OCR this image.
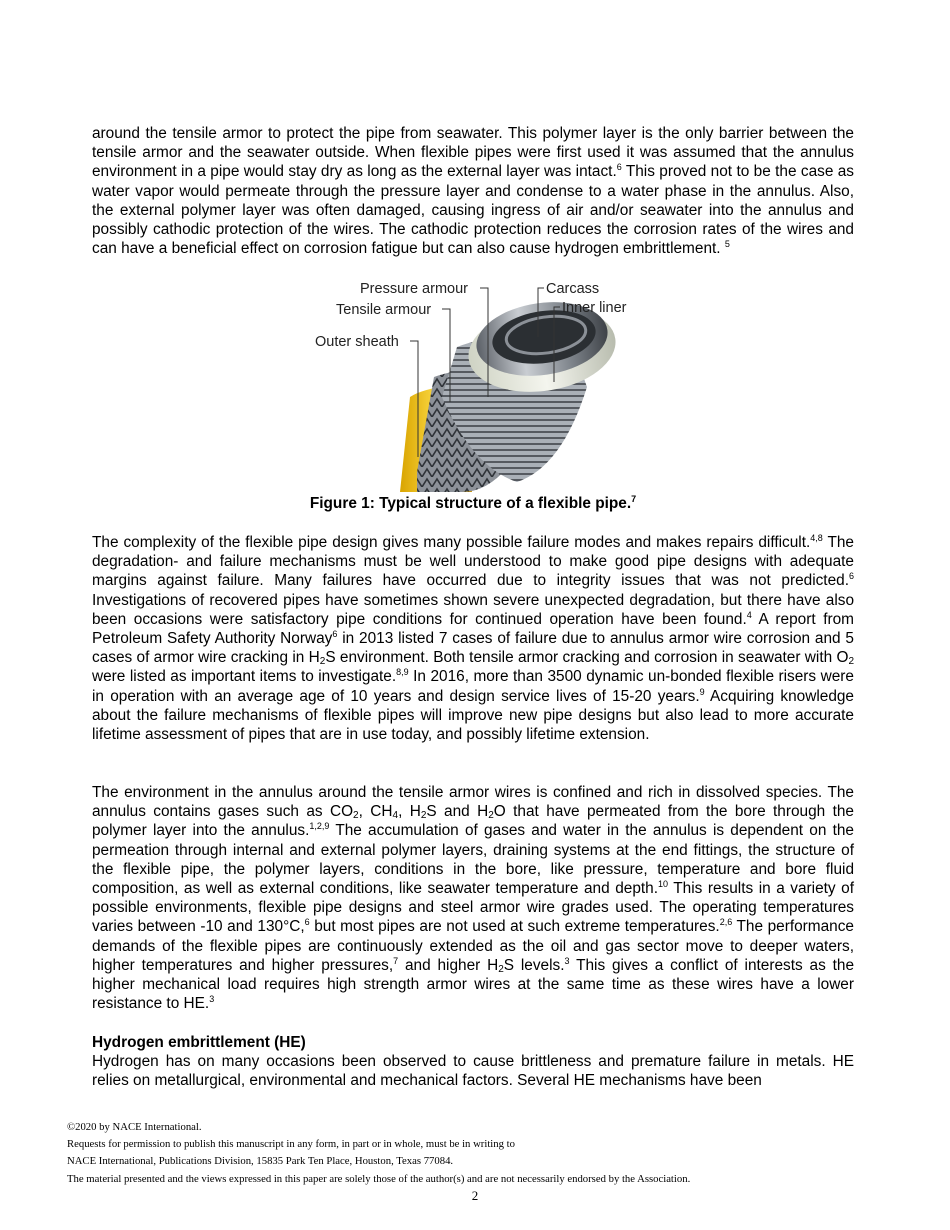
around the tensile armor to protect the pipe from seawater. This polymer layer is the only barrier between the tensile armor and the seawater outside. When flexible pipes were first used it was assumed that the annulus environment in a pipe would stay dry as long as the external layer was intact.$^6$ This proved not to be the case as water vapor would permeate through the pressure layer and condense to a water phase in the annulus. Also, the external polymer layer was often damaged, causing ingress of air and/or seawater into the annulus and possibly cathodic protection of the wires. The cathodic protection reduces the corrosion rates of the wires and can have a beneficial effect on corrosion fatigue but can also cause hydrogen embrittlement. $^5$

Pressure armour
Tensile armour
Outer sheath
Carcass
Inner liner

Figure 1: Typical structure of a flexible pipe.$^7$

The complexity of the flexible pipe design gives many possible failure modes and makes repairs difficult.$^{4,8}$ The degradation- and failure mechanisms must be well understood to make good pipe designs with adequate margins against failure. Many failures have occurred due to integrity issues that was not predicted.$^6$ Investigations of recovered pipes have sometimes shown severe unexpected degradation, but there have also been occasions were satisfactory pipe conditions for continued operation have been found.$^4$ A report from Petroleum Safety Authority Norway$^6$ in 2013 listed 7 cases of failure due to annulus armor wire corrosion and 5 cases of armor wire cracking in $H_2S$ environment. Both tensile armor cracking and corrosion in seawater with $O_2$ were listed as important items to investigate.$^{8,9}$ In 2016, more than 3500 dynamic un-bonded flexible risers were in operation with an average age of 10 years and design service lives of 15-20 years.$^9$ Acquiring knowledge about the failure mechanisms of flexible pipes will improve new pipe designs but also lead to more accurate lifetime assessment of pipes that are in use today, and possibly lifetime extension.

The environment in the annulus around the tensile armor wires is confined and rich in dissolved species. The annulus contains gases such as $CO_2$, $CH_4$, $H_2S$ and $H_2O$ that have permeated from the bore through the polymer layer into the annulus.$^{1,2,9}$ The accumulation of gases and water in the annulus is dependent on the permeation through internal and external polymer layers, draining systems at the end fittings, the structure of the flexible pipe, the polymer layers, conditions in the bore, like pressure, temperature and bore fluid composition, as well as external conditions, like seawater temperature and depth.$^{10}$ This results in a variety of possible environments, flexible pipe designs and steel armor wire grades used. The operating temperatures varies between -10 and 130°C,$^6$ but most pipes are not used at such extreme temperatures.$^{2,6}$ The performance demands of the flexible pipes are continuously extended as the oil and gas sector move to deeper waters, higher temperatures and higher pressures,$^7$ and higher $H_2S$ levels.$^3$ This gives a conflict of interests as the higher mechanical load requires high strength armor wires at the same time as these wires have a lower resistance to HE.$^3$

Hydrogen embrittlement (HE)

Hydrogen has on many occasions been observed to cause brittleness and premature failure in metals. HE relies on metallurgical, environmental and mechanical factors. Several HE mechanisms have been

©2020 by NACE International.
Requests for permission to publish this manuscript in any form, in part or in whole, must be in writing to
NACE International, Publications Division, 15835 Park Ten Place, Houston, Texas 77084.
The material presented and the views expressed in this paper are solely those of the author(s) and are not necessarily endorsed by the Association.
2
